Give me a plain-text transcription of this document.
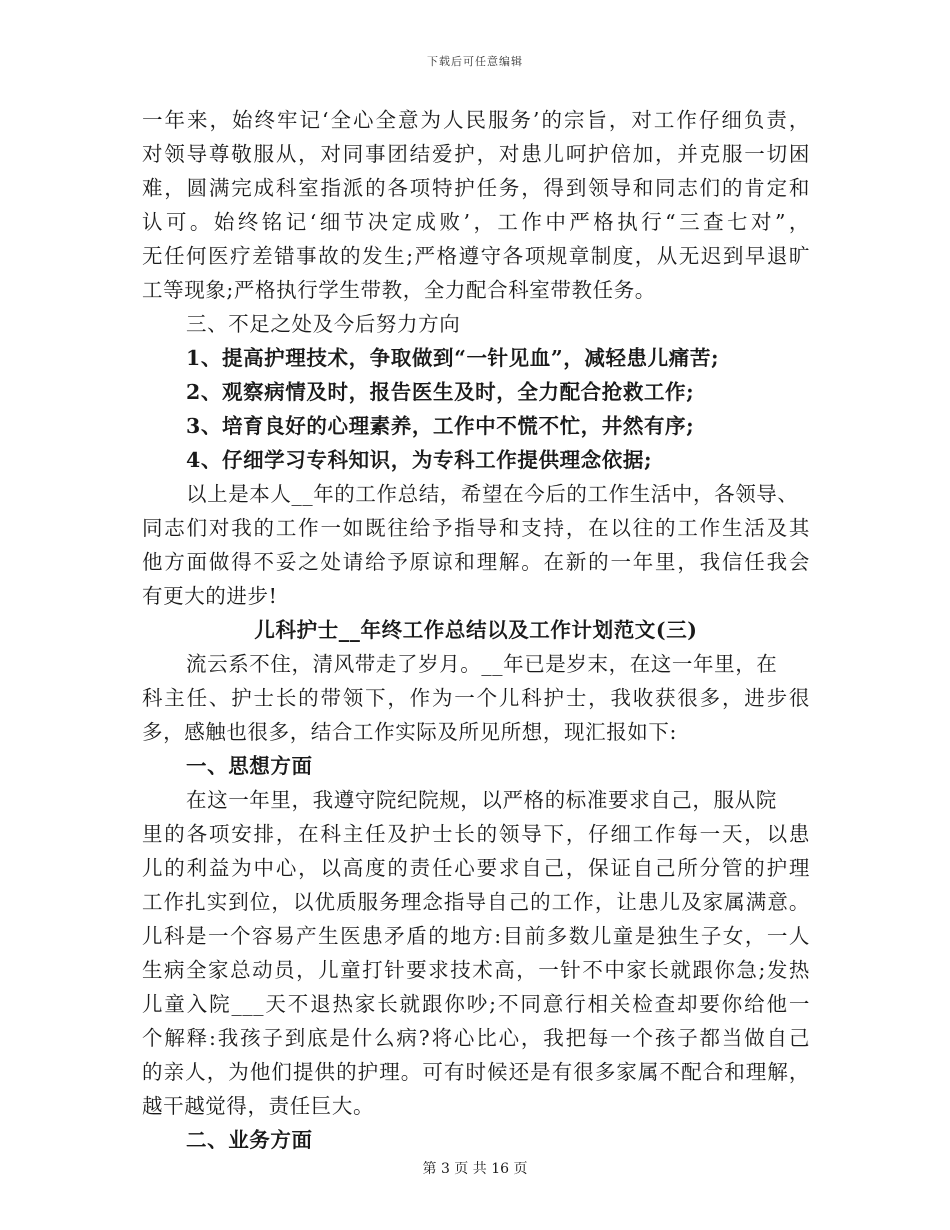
下载后可任意编辑
一年来，始终牢记‘全心全意为人民服务’的宗旨，对工作仔细负责，
对领导尊敬服从，对同事团结爱护，对患儿呵护倍加，并克服一切困
难，圆满完成科室指派的各项特护任务，得到领导和同志们的肯定和
认可。始终铭记‘细节决定成败’，工作中严格执行“三查七对”，
无任何医疗差错事故的发生;严格遵守各项规章制度，从无迟到早退旷
工等现象;严格执行学生带教，全力配合科室带教任务。
三、不足之处及今后努力方向
1、提高护理技术，争取做到“一针见血”，减轻患儿痛苦;
2、观察病情及时，报告医生及时，全力配合抢救工作;
3、培育良好的心理素养，工作中不慌不忙，井然有序;
4、仔细学习专科知识，为专科工作提供理念依据;
以上是本人__年的工作总结，希望在今后的工作生活中，各领导、
同志们对我的工作一如既往给予指导和支持，在以往的工作生活及其
他方面做得不妥之处请给予原谅和理解。在新的一年里，我信任我会
有更大的进步!
儿科护士__年终工作总结以及工作计划范文(三)
流云系不住，清风带走了岁月。__年已是岁末，在这一年里，在
科主任、护士长的带领下，作为一个儿科护士，我收获很多，进步很
多，感触也很多，结合工作实际及所见所想，现汇报如下:
一、思想方面
在这一年里，我遵守院纪院规，以严格的标准要求自己，服从院
里的各项安排，在科主任及护士长的领导下，仔细工作每一天，以患
儿的利益为中心，以高度的责任心要求自己，保证自己所分管的护理
工作扎实到位，以优质服务理念指导自己的工作，让患儿及家属满意。
儿科是一个容易产生医患矛盾的地方:目前多数儿童是独生子女，一人
生病全家总动员，儿童打针要求技术高，一针不中家长就跟你急;发热
儿童入院___天不退热家长就跟你吵;不同意行相关检查却要你给他一
个解释:我孩子到底是什么病?将心比心，我把每一个孩子都当做自己
的亲人，为他们提供的护理。可有时候还是有很多家属不配合和理解，
越干越觉得，责任巨大。
二、业务方面
第 3 页 共 16 页
